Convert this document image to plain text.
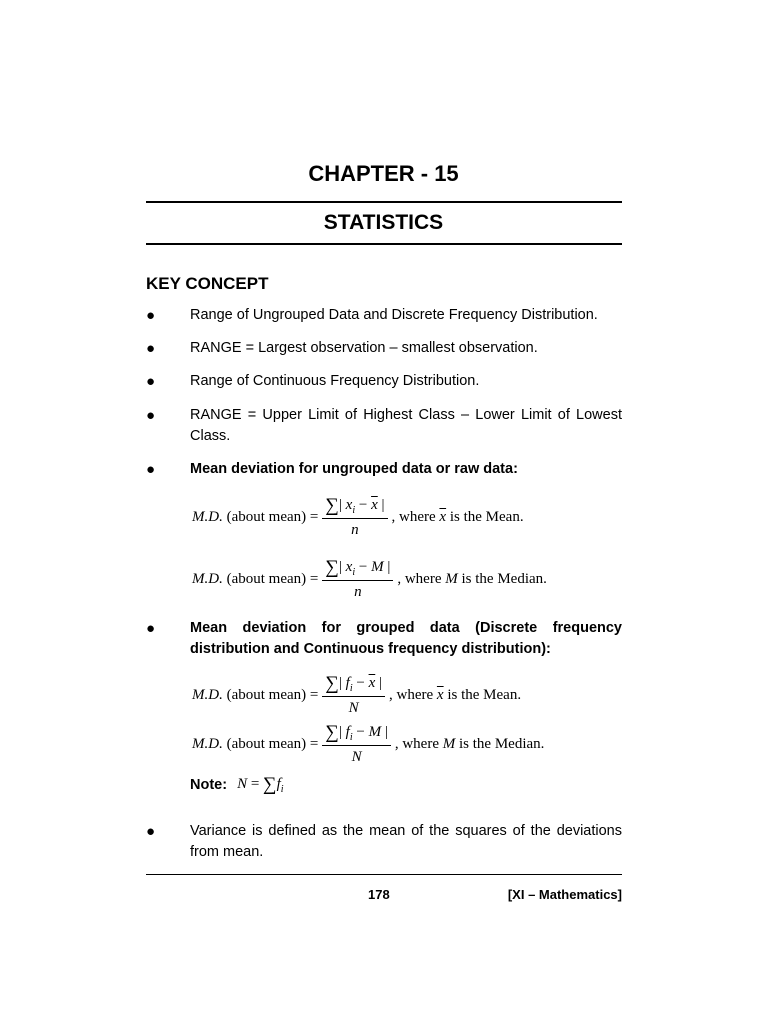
CHAPTER - 15
STATISTICS
KEY CONCEPT
● Range of Ungrouped Data and Discrete Frequency Distribution.
● RANGE = Largest observation – smallest observation.
● Range of Continuous Frequency Distribution.
● RANGE = Upper Limit of Highest Class – Lower Limit of Lowest Class.
● Mean deviation for ungrouped data or raw data:
M.D.
(about mean) = $\frac{\sum| x_i - \overline{x} |}{n}$ ,
where
$\overline{x}$
is the Mean.
M.D.
(about mean) = $\frac{\sum| x_i - M |}{n}$ ,
where
M
is the Median.
● Mean deviation for grouped data (Discrete frequency distribution and Continuous frequency distribution):
M.D.
(about mean) = $\frac{\sum| f_i - \overline{x} |}{N}$ ,
where
$\overline{x}$
is the Mean.
M.D.
(about mean) = $\frac{\sum| f_i - M |}{N}$ ,
where
M
is the Median.
Note: $N = \sum f_i$
● Variance is defined as the mean of the squares of the deviations from mean.
178	[XI – Mathematics]
